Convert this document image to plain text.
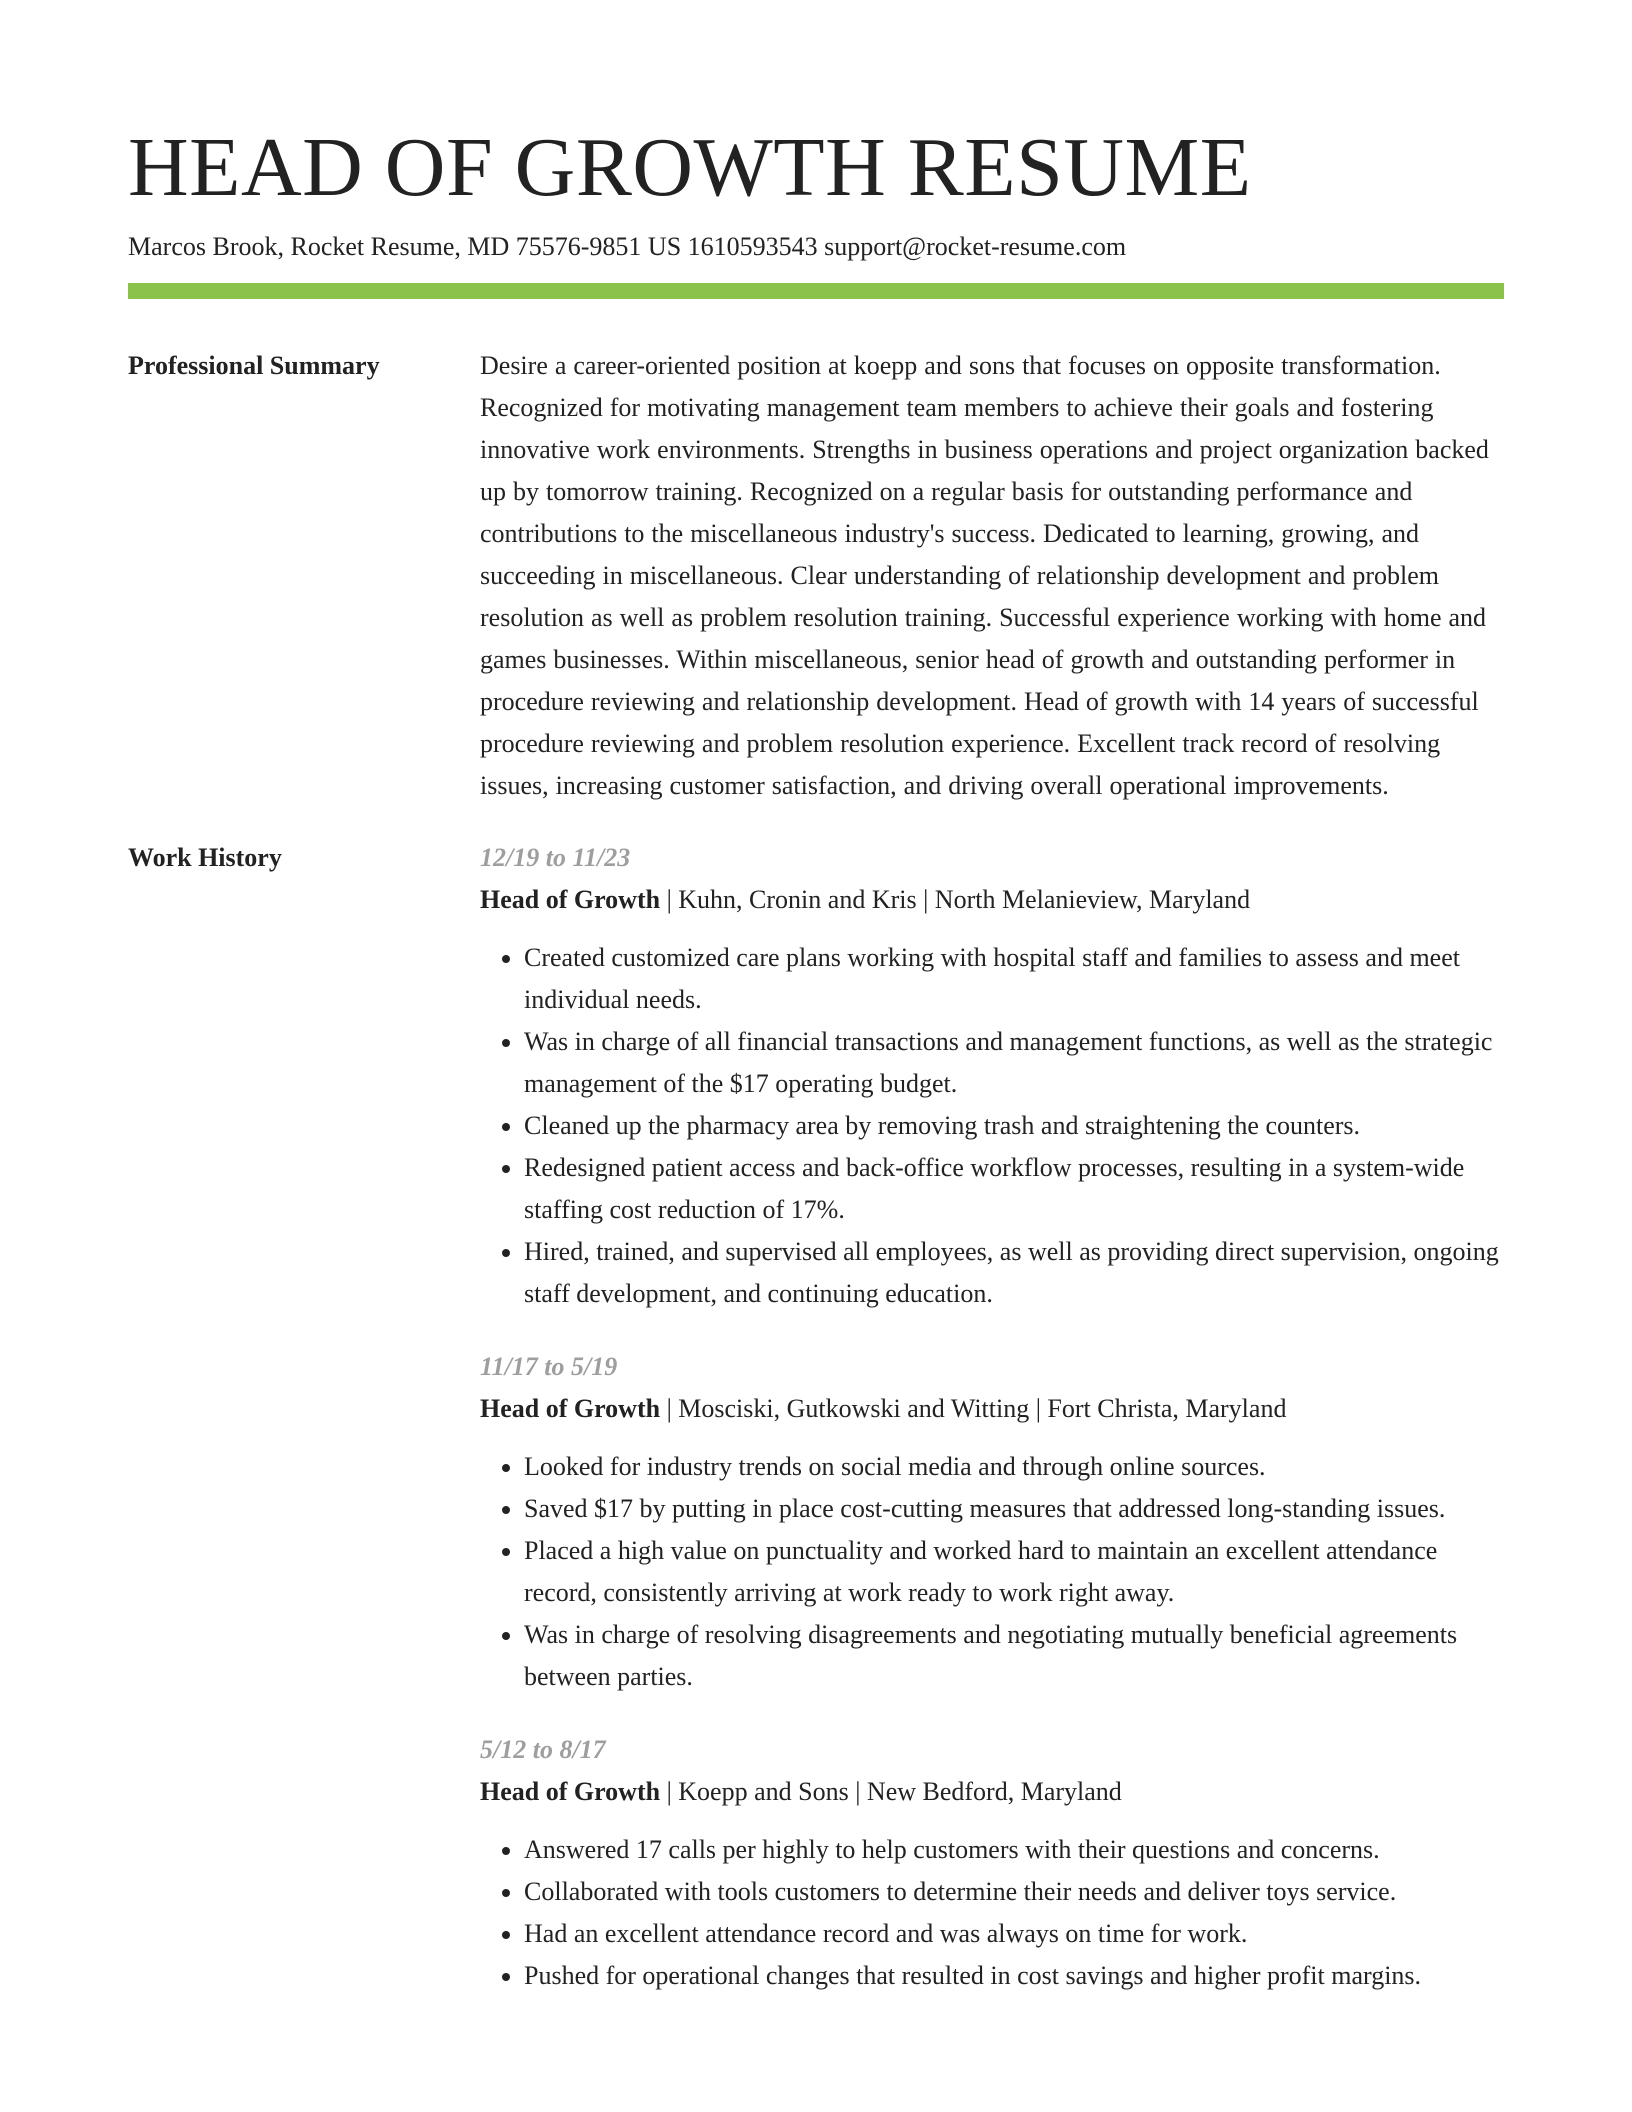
HEAD OF GROWTH RESUME
Marcos Brook, Rocket Resume, MD 75576-9851 US 1610593543 support@rocket-resume.com
Professional Summary	Desire a career-oriented position at koepp and sons that focuses on opposite transformation. Recognized for motivating management team members to achieve their goals and fostering innovative work environments. Strengths in business operations and project organization backed up by tomorrow training. Recognized on a regular basis for outstanding performance and contributions to the miscellaneous industry's success. Dedicated to learning, growing, and succeeding in miscellaneous. Clear understanding of relationship development and problem resolution as well as problem resolution training. Successful experience working with home and games businesses. Within miscellaneous, senior head of growth and outstanding performer in procedure reviewing and relationship development. Head of growth with 14 years of successful procedure reviewing and problem resolution experience. Excellent track record of resolving issues, increasing customer satisfaction, and driving overall operational improvements.

Work History	12/19 to 11/23
Head of Growth | Kuhn, Cronin and Kris | North Melanieview, Maryland
• Created customized care plans working with hospital staff and families to assess and meet individual needs.
• Was in charge of all financial transactions and management functions, as well as the strategic management of the $17 operating budget.
• Cleaned up the pharmacy area by removing trash and straightening the counters.
• Redesigned patient access and back-office workflow processes, resulting in a system-wide staffing cost reduction of 17%.
• Hired, trained, and supervised all employees, as well as providing direct supervision, ongoing staff development, and continuing education.
11/17 to 5/19
Head of Growth | Mosciski, Gutkowski and Witting | Fort Christa, Maryland
• Looked for industry trends on social media and through online sources.
• Saved $17 by putting in place cost-cutting measures that addressed long-standing issues.
• Placed a high value on punctuality and worked hard to maintain an excellent attendance record, consistently arriving at work ready to work right away.
• Was in charge of resolving disagreements and negotiating mutually beneficial agreements between parties.
5/12 to 8/17
Head of Growth | Koepp and Sons | New Bedford, Maryland
• Answered 17 calls per highly to help customers with their questions and concerns.
• Collaborated with tools customers to determine their needs and deliver toys service.
• Had an excellent attendance record and was always on time for work.
• Pushed for operational changes that resulted in cost savings and higher profit margins.
